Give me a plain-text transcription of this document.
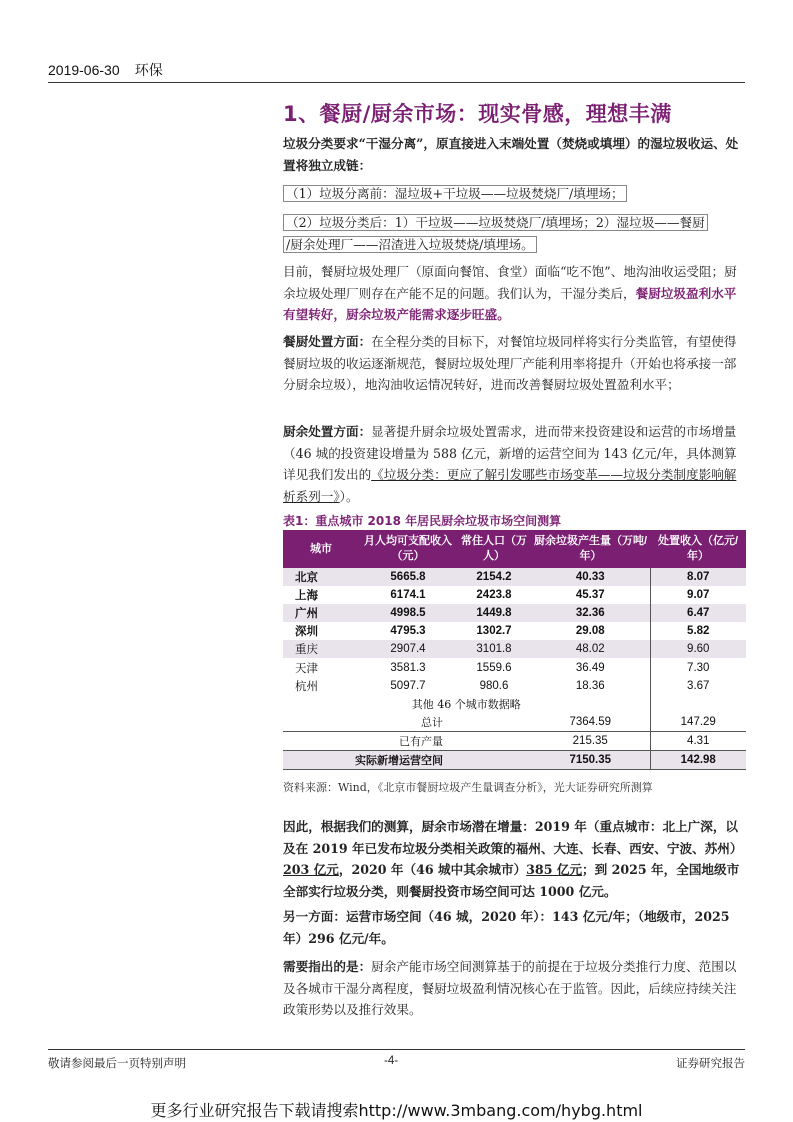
2019-06-30 环保
1、餐厨/厨余市场：现实骨感，理想丰满
垃圾分类要求“干湿分离”，原直接进入末端处置（焚烧或填埋）的湿垃圾收运、处置将独立成链：
（1）垃圾分离前：湿垃圾+干垃圾——垃圾焚烧厂/填埋场；
（2）垃圾分类后：1）干垃圾——垃圾焚烧厂/填埋场；2）湿垃圾——餐厨
/厨余处理厂——沼渣进入垃圾焚烧/填埋场。
目前，餐厨垃圾处理厂（原面向餐馆、食堂）面临“吃不饱”、地沟油收运受阻；厨余垃圾处理厂则存在产能不足的问题。我们认为，干湿分类后，餐厨垃圾盈利水平有望转好，厨余垃圾产能需求逐步旺盛。
餐厨处置方面：在全程分类的目标下，对餐馆垃圾同样将实行分类监管，有望使得餐厨垃圾的收运逐渐规范，餐厨垃圾处理厂产能利用率将提升（开始也将承接一部分厨余垃圾），地沟油收运情况转好，进而改善餐厨垃圾处置盈利水平；
厨余处置方面：显著提升厨余垃圾处置需求，进而带来投资建设和运营的市场增量（46 城的投资建设增量为 588 亿元，新增的运营空间为 143 亿元/年，具体测算详见我们发出的《垃圾分类：更应了解引发哪些市场变革——垃圾分类制度影响解析系列一》）。
表1：重点城市 2018 年居民厨余垃圾市场空间测算
城市	月人均可支配收入（元）	常住人口（万人）	厨余垃圾产生量（万吨/年）	处置收入（亿元/年）
北京	5665.8	2154.2	40.33	8.07
上海	6174.1	2423.8	45.37	9.07
广州	4998.5	1449.8	32.36	6.47
深圳	4795.3	1302.7	29.08	5.82
重庆	2907.4	3101.8	48.02	9.60
天津	3581.3	1559.6	36.49	7.30
杭州	5097.7	980.6	18.36	3.67
其他 46 个城市数据略				
总计			7364.59	147.29
已有产量			215.35	4.31
实际新增运营空间			7150.35	142.98
资料来源：Wind，《北京市餐厨垃圾产生量调查分析》，光大证券研究所测算
因此，根据我们的测算，厨余市场潜在增量：2019 年（重点城市：北上广深，以及在 2019 年已发布垃圾分类相关政策的福州、大连、长春、西安、宁波、苏州）203 亿元，2020 年（46 城中其余城市）385 亿元；到 2025 年，全国地级市全部实行垃圾分类，则餐厨投资市场空间可达 1000 亿元。
另一方面：运营市场空间（46 城，2020 年）：143 亿元/年；（地级市，2025 年）296 亿元/年。
需要指出的是：厨余产能市场空间测算基于的前提在于垃圾分类推行力度、范围以及各城市干湿分离程度，餐厨垃圾盈利情况核心在于监管。因此，后续应持续关注政策形势以及推行效果。
敬请参阅最后一页特别声明	-4-	证券研究报告
更多行业研究报告下载请搜索http://www.3mbang.com/hybg.html
